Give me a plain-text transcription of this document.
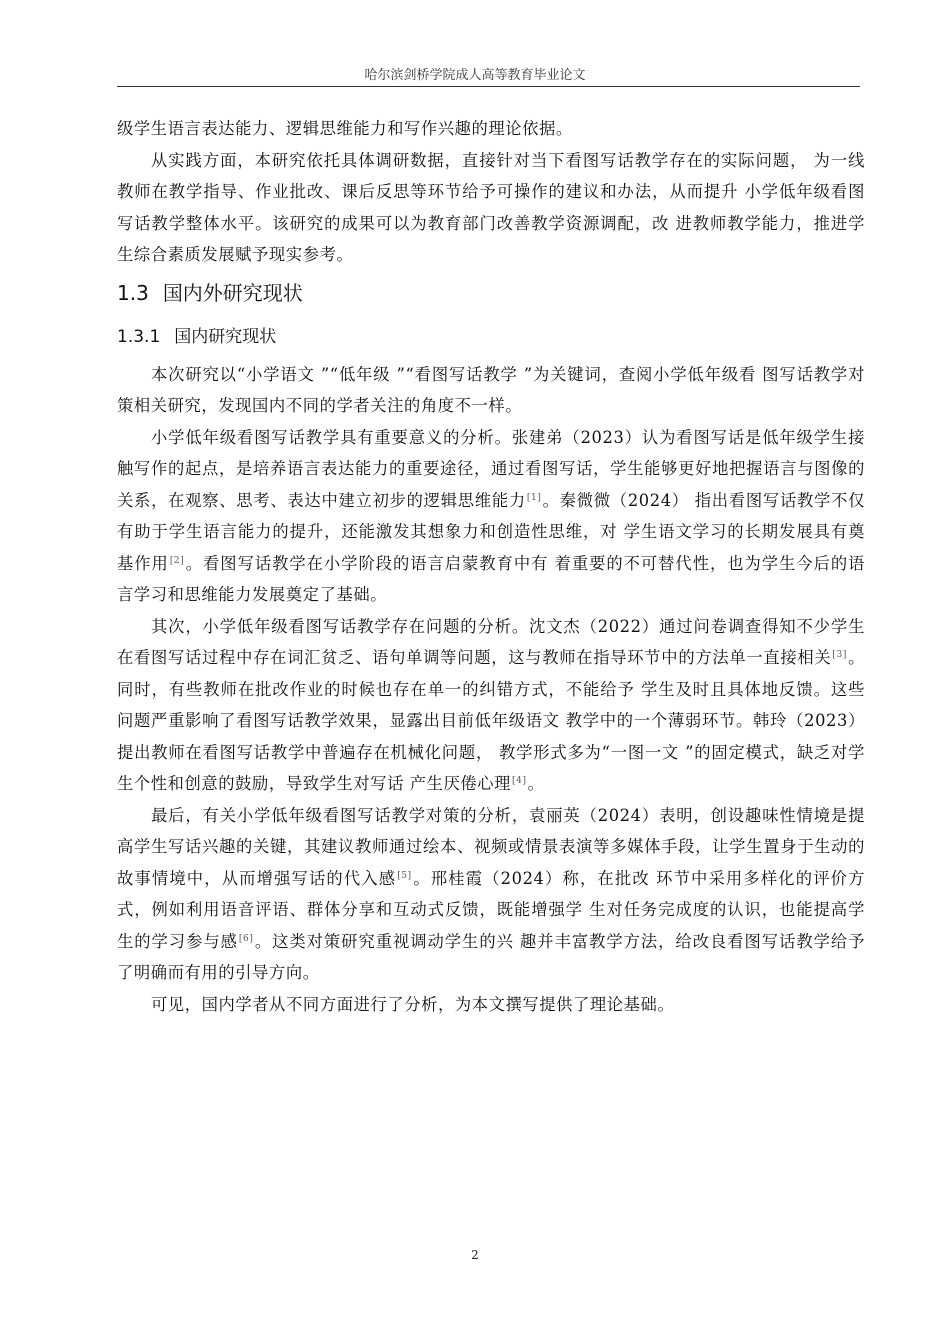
哈尔滨剑桥学院成人高等教育毕业论文

级学生语言表达能力、逻辑思维能力和写作兴趣的理论依据。

从实践方面，本研究依托具体调研数据，直接针对当下看图写话教学存在的实际问题， 为一线教师在教学指导、作业批改、课后反思等环节给予可操作的建议和办法，从而提升 小学低年级看图写话教学整体水平。该研究的成果可以为教育部门改善教学资源调配，改 进教师教学能力，推进学生综合素质发展赋予现实参考。

1.3 国内外研究现状
1.3.1 国内研究现状

本次研究以“小学语文 ”“低年级 ”“看图写话教学 ”为关键词，查阅小学低年级看 图写话教学对策相关研究，发现国内不同的学者关注的角度不一样。

小学低年级看图写话教学具有重要意义的分析。张建弟（2023）认为看图写话是低年级学生接触写作的起点，是培养语言表达能力的重要途径，通过看图写话，学生能够更好地把握语言与图像的关系，在观察、思考、表达中建立初步的逻辑思维能力[1]。秦微微（2024） 指出看图写话教学不仅有助于学生语言能力的提升，还能激发其想象力和创造性思维，对 学生语文学习的长期发展具有奠基作用[2]。看图写话教学在小学阶段的语言启蒙教育中有 着重要的不可替代性，也为学生今后的语言学习和思维能力发展奠定了基础。

其次，小学低年级看图写话教学存在问题的分析。沈文杰（2022）通过问卷调查得知不少学生在看图写话过程中存在词汇贫乏、语句单调等问题，这与教师在指导环节中的方法单一直接相关[3]。同时，有些教师在批改作业的时候也存在单一的纠错方式，不能给予 学生及时且具体地反馈。这些问题严重影响了看图写话教学效果，显露出目前低年级语文 教学中的一个薄弱环节。韩玲（2023）提出教师在看图写话教学中普遍存在机械化问题， 教学形式多为“一图一文 ”的固定模式，缺乏对学生个性和创意的鼓励，导致学生对写话 产生厌倦心理[4]。

最后，有关小学低年级看图写话教学对策的分析，袁丽英（2024）表明，创设趣味性情境是提高学生写话兴趣的关键，其建议教师通过绘本、视频或情景表演等多媒体手段，让学生置身于生动的故事情境中，从而增强写话的代入感[5]。邢桂霞（2024）称，在批改 环节中采用多样化的评价方式，例如利用语音评语、群体分享和互动式反馈，既能增强学 生对任务完成度的认识，也能提高学生的学习参与感[6]。这类对策研究重视调动学生的兴 趣并丰富教学方法，给改良看图写话教学给予了明确而有用的引导方向。

可见，国内学者从不同方面进行了分析，为本文撰写提供了理论基础。

2
